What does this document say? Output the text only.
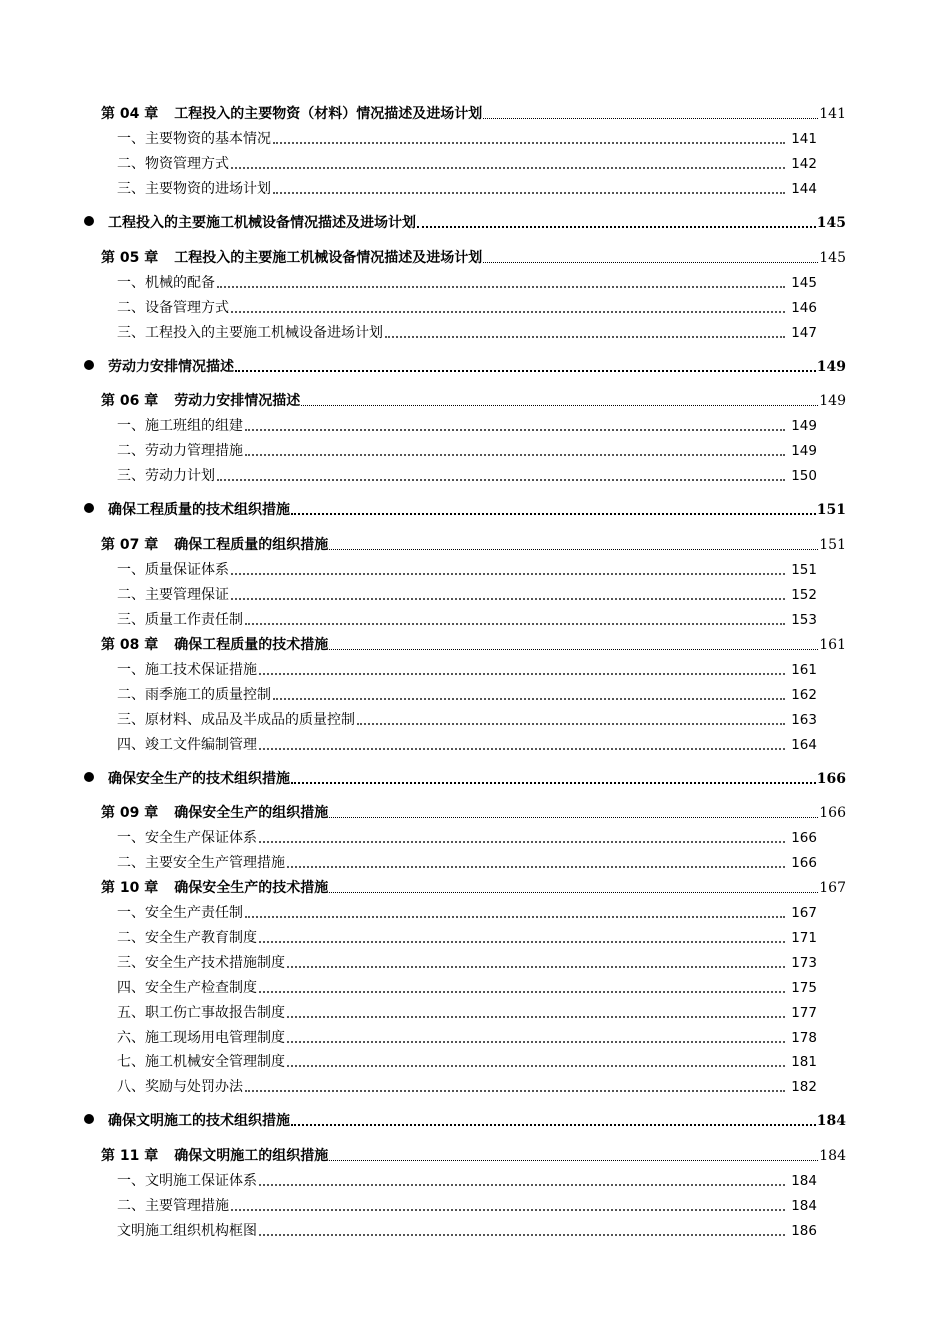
第 04 章 工程投入的主要物资（材料）情况描述及进场计划	141
一、主要物资的基本情况	141
二、物资管理方式	142
三、主要物资的进场计划	144
工程投入的主要施工机械设备情况描述及进场计划	145
第 05 章 工程投入的主要施工机械设备情况描述及进场计划	145
一、机械的配备	145
二、设备管理方式	146
三、工程投入的主要施工机械设备进场计划	147
劳动力安排情况描述	149
第 06 章 劳动力安排情况描述	149
一、施工班组的组建	149
二、劳动力管理措施	149
三、劳动力计划	150
确保工程质量的技术组织措施	151
第 07 章 确保工程质量的组织措施	151
一、质量保证体系	151
二、主要管理保证	152
三、质量工作责任制	153
第 08 章 确保工程质量的技术措施	161
一、施工技术保证措施	161
二、雨季施工的质量控制	162
三、原材料、成品及半成品的质量控制	163
四、竣工文件编制管理	164
确保安全生产的技术组织措施	166
第 09 章 确保安全生产的组织措施	166
一、安全生产保证体系	166
二、主要安全生产管理措施	166
第 10 章 确保安全生产的技术措施	167
一、安全生产责任制	167
二、安全生产教育制度	171
三、安全生产技术措施制度	173
四、安全生产检查制度	175
五、职工伤亡事故报告制度	177
六、施工现场用电管理制度	178
七、施工机械安全管理制度	181
八、奖励与处罚办法	182
确保文明施工的技术组织措施	184
第 11 章 确保文明施工的组织措施	184
一、文明施工保证体系	184
二、主要管理措施	184
文明施工组织机构框图	186
